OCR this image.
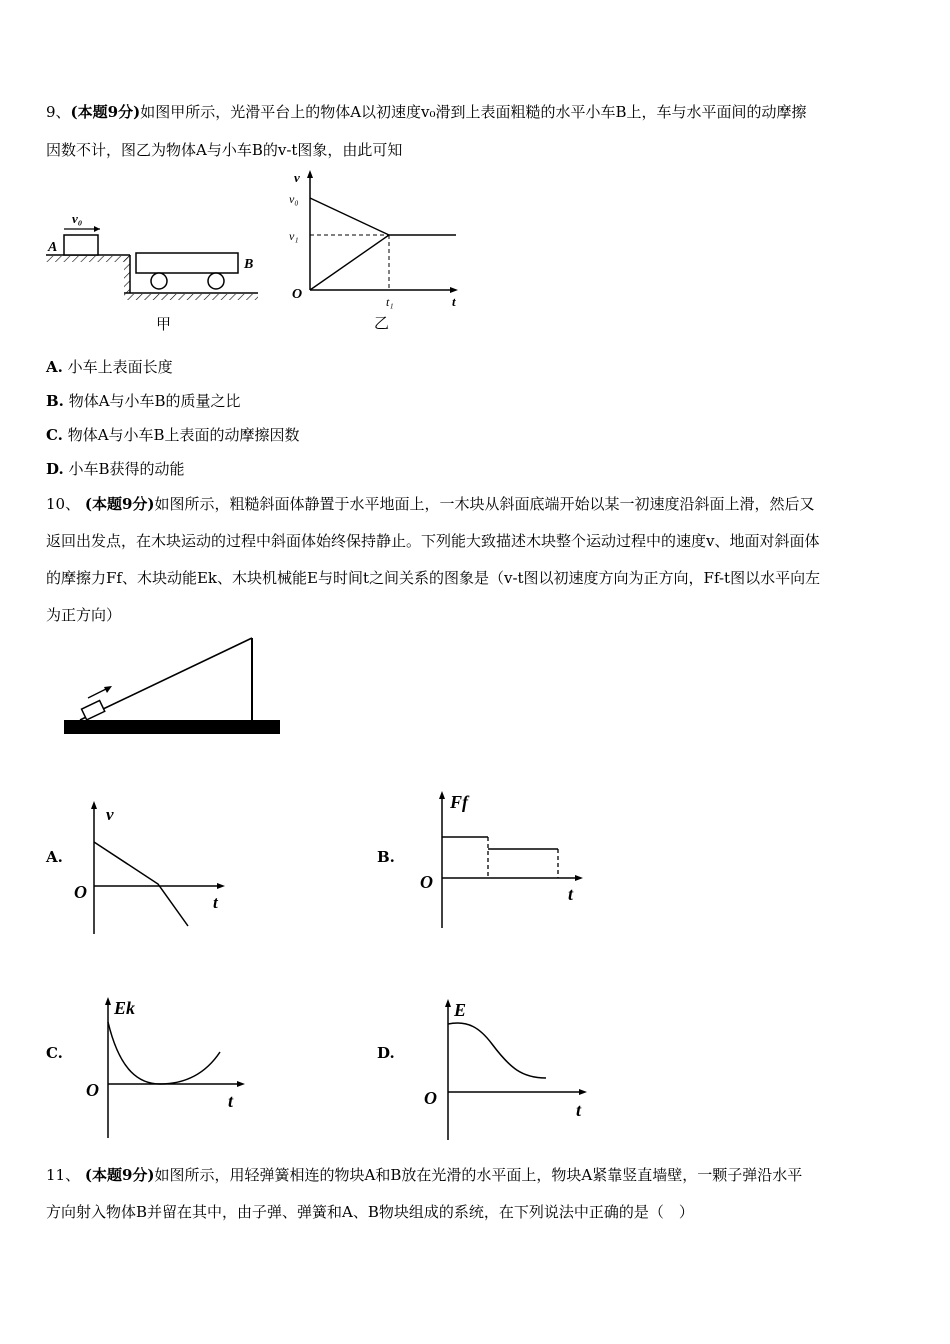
9、(本题9分)如图甲所示，光滑平台上的物体A以初速度v₀滑到上表面粗糙的水平小车B上，车与水平面间的动摩擦
因数不计，图乙为物体A与小车B的v-t图象，由此可知
A
v₀
B
甲
v
t
O
v₀
v₁
t₁
乙
A. 小车上表面长度
B. 物体A与小车B的质量之比
C. 物体A与小车B上表面的动摩擦因数
D. 小车B获得的动能
10、 (本题9分)如图所示，粗糙斜面体静置于水平地面上，一木块从斜面底端开始以某一初速度沿斜面上滑，然后又
返回出发点，在木块运动的过程中斜面体始终保持静止。下列能大致描述木块整个运动过程中的速度v、地面对斜面体
的摩擦力Ff、木块动能Ek、木块机械能E与时间t之间关系的图象是（v-t图以初速度方向为正方向，Ff-t图以水平向左
为正方向）
A.
v
t
O
B.
Ff
t
O
C.
Ek
t
O
D.
E
t
O
11、 (本题9分)如图所示，用轻弹簧相连的物块A和B放在光滑的水平面上，物块A紧靠竖直墙壁，一颗子弹沿水平
方向射入物体B并留在其中，由子弹、弹簧和A、B物块组成的系统，在下列说法中正确的是（　）
